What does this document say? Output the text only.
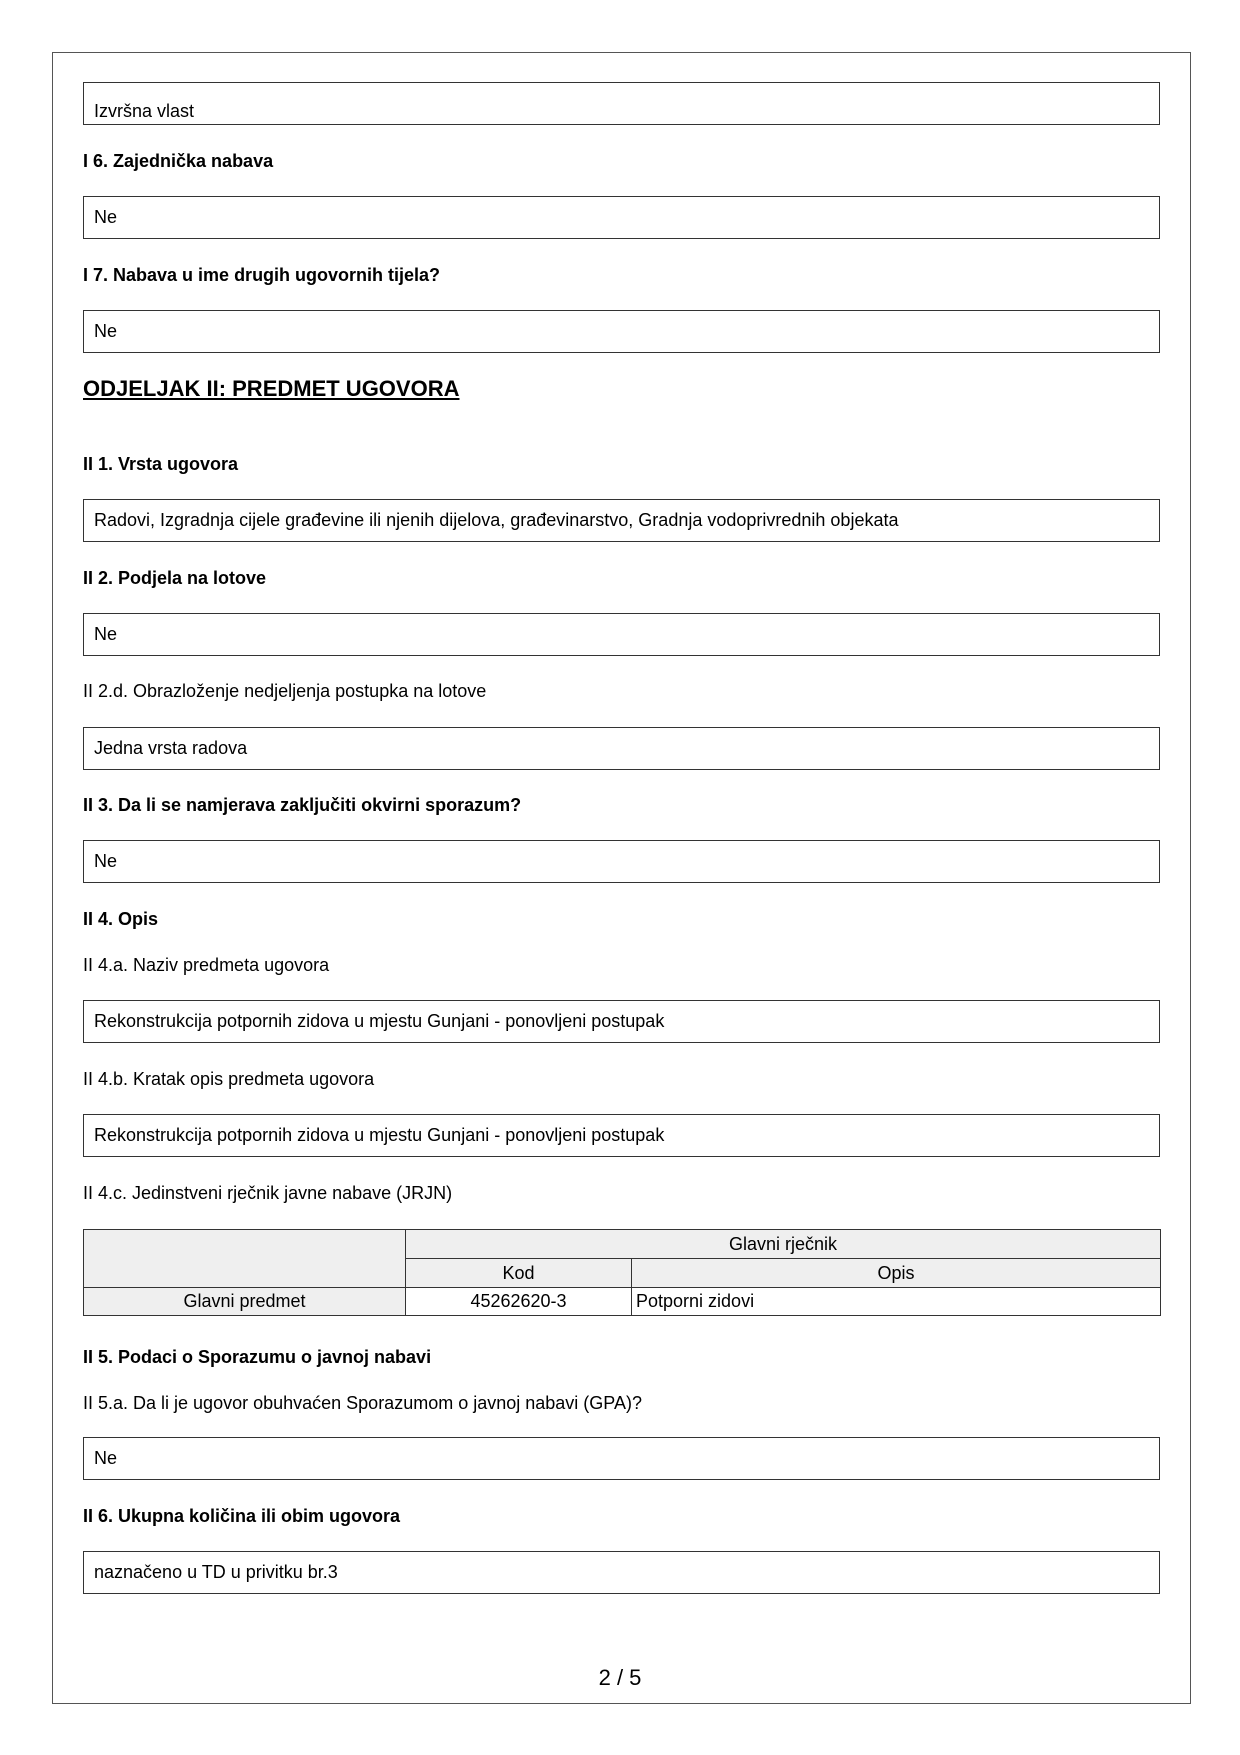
Izvršna vlast
I 6. Zajednička nabava
Ne
I 7. Nabava u ime drugih ugovornih tijela?
Ne
ODJELJAK II: PREDMET UGOVORA
II 1. Vrsta ugovora
Radovi, Izgradnja cijele građevine ili njenih dijelova, građevinarstvo, Gradnja vodoprivrednih objekata
II 2. Podjela na lotove
Ne
II 2.d. Obrazloženje nedjeljenja postupka na lotove
Jedna vrsta radova
II 3. Da li se namjerava zaključiti okvirni sporazum?
Ne
II 4. Opis
II 4.a. Naziv predmeta ugovora
Rekonstrukcija potpornih zidova u mjestu Gunjani - ponovljeni postupak
II 4.b. Kratak opis predmeta ugovora
Rekonstrukcija potpornih zidova u mjestu Gunjani - ponovljeni postupak
II 4.c. Jedinstveni rječnik javne nabave (JRJN)
	Glavni rječnik	
	Kod	Opis
Glavni predmet	45262620-3	Potporni zidovi
II 5. Podaci o Sporazumu o javnoj nabavi
II 5.a. Da li je ugovor obuhvaćen Sporazumom o javnoj nabavi (GPA)?
Ne
II 6. Ukupna količina ili obim ugovora
naznačeno u TD u privitku br.3
2 / 5
